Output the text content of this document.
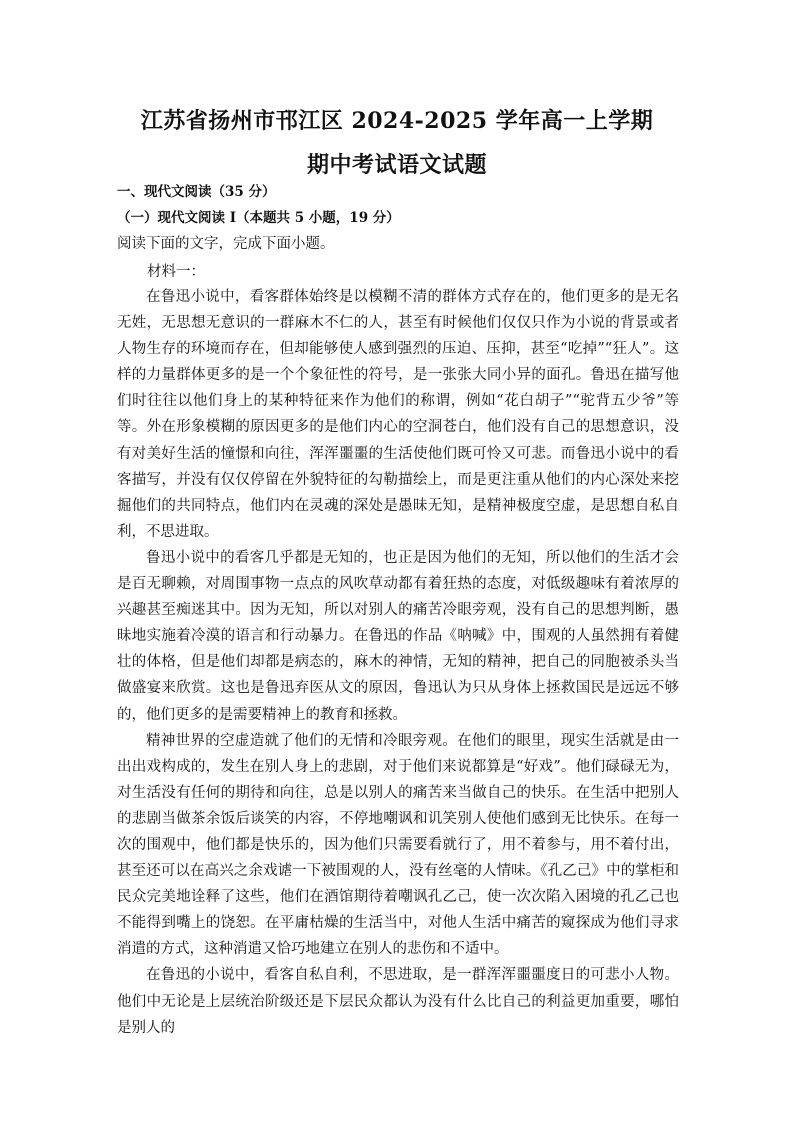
江苏省扬州市邗江区 2024-2025 学年高一上学期
期中考试语文试题
一、现代文阅读（35 分）
（一）现代文阅读 I（本题共 5 小题，19 分）
阅读下面的文字，完成下面小题。
材料一：

在鲁迅小说中，看客群体始终是以模糊不清的群体方式存在的，他们更多的是无名无姓，无思想无意识的一群麻木不仁的人，甚至有时候他们仅仅只作为小说的背景或者人物生存的环境而存在，但却能够使人感到强烈的压迫、压抑，甚至“吃掉”“狂人”。这样的力量群体更多的是一个个象征性的符号，是一张张大同小异的面孔。鲁迅在描写他们时往往以他们身上的某种特征来作为他们的称谓，例如“花白胡子”“驼背五少爷”等等。外在形象模糊的原因更多的是他们内心的空洞苍白，他们没有自己的思想意识，没有对美好生活的憧憬和向往，浑浑噩噩的生活使他们既可怜又可悲。而鲁迅小说中的看客描写，并没有仅仅停留在外貌特征的勾勒描绘上，而是更注重从他们的内心深处来挖掘他们的共同特点，他们内在灵魂的深处是愚昧无知，是精神极度空虚，是思想自私自利，不思进取。

鲁迅小说中的看客几乎都是无知的，也正是因为他们的无知，所以他们的生活才会是百无聊赖，对周围事物一点点的风吹草动都有着狂热的态度，对低级趣味有着浓厚的兴趣甚至痴迷其中。因为无知，所以对别人的痛苦冷眼旁观，没有自己的思想判断，愚昧地实施着冷漠的语言和行动暴力。在鲁迅的作品《呐喊》中，围观的人虽然拥有着健壮的体格，但是他们却都是病态的，麻木的神情，无知的精神，把自己的同胞被杀头当做盛宴来欣赏。这也是鲁迅弃医从文的原因，鲁迅认为只从身体上拯救国民是远远不够的，他们更多的是需要精神上的教育和拯救。

精神世界的空虚造就了他们的无情和冷眼旁观。在他们的眼里，现实生活就是由一出出戏构成的，发生在别人身上的悲剧，对于他们来说都算是“好戏”。他们碌碌无为，对生活没有任何的期待和向往，总是以别人的痛苦来当做自己的快乐。在生活中把别人的悲剧当做茶余饭后谈笑的内容，不停地嘲讽和讥笑别人使他们感到无比快乐。在每一次的围观中，他们都是快乐的，因为他们只需要看就行了，用不着参与，用不着付出，甚至还可以在高兴之余戏谑一下被围观的人，没有丝毫的人情味。《孔乙己》中的掌柜和民众完美地诠释了这些，他们在酒馆期待着嘲讽孔乙己，使一次次陷入困境的孔乙己也不能得到嘴上的饶恕。在平庸枯燥的生活当中，对他人生活中痛苦的窥探成为他们寻求消遣的方式，这种消遣又恰巧地建立在别人的悲伤和不适中。

在鲁迅的小说中，看客自私自利，不思进取，是一群浑浑噩噩度日的可悲小人物。他们中无论是上层统治阶级还是下层民众都认为没有什么比自己的利益更加重要，哪怕是别人的
